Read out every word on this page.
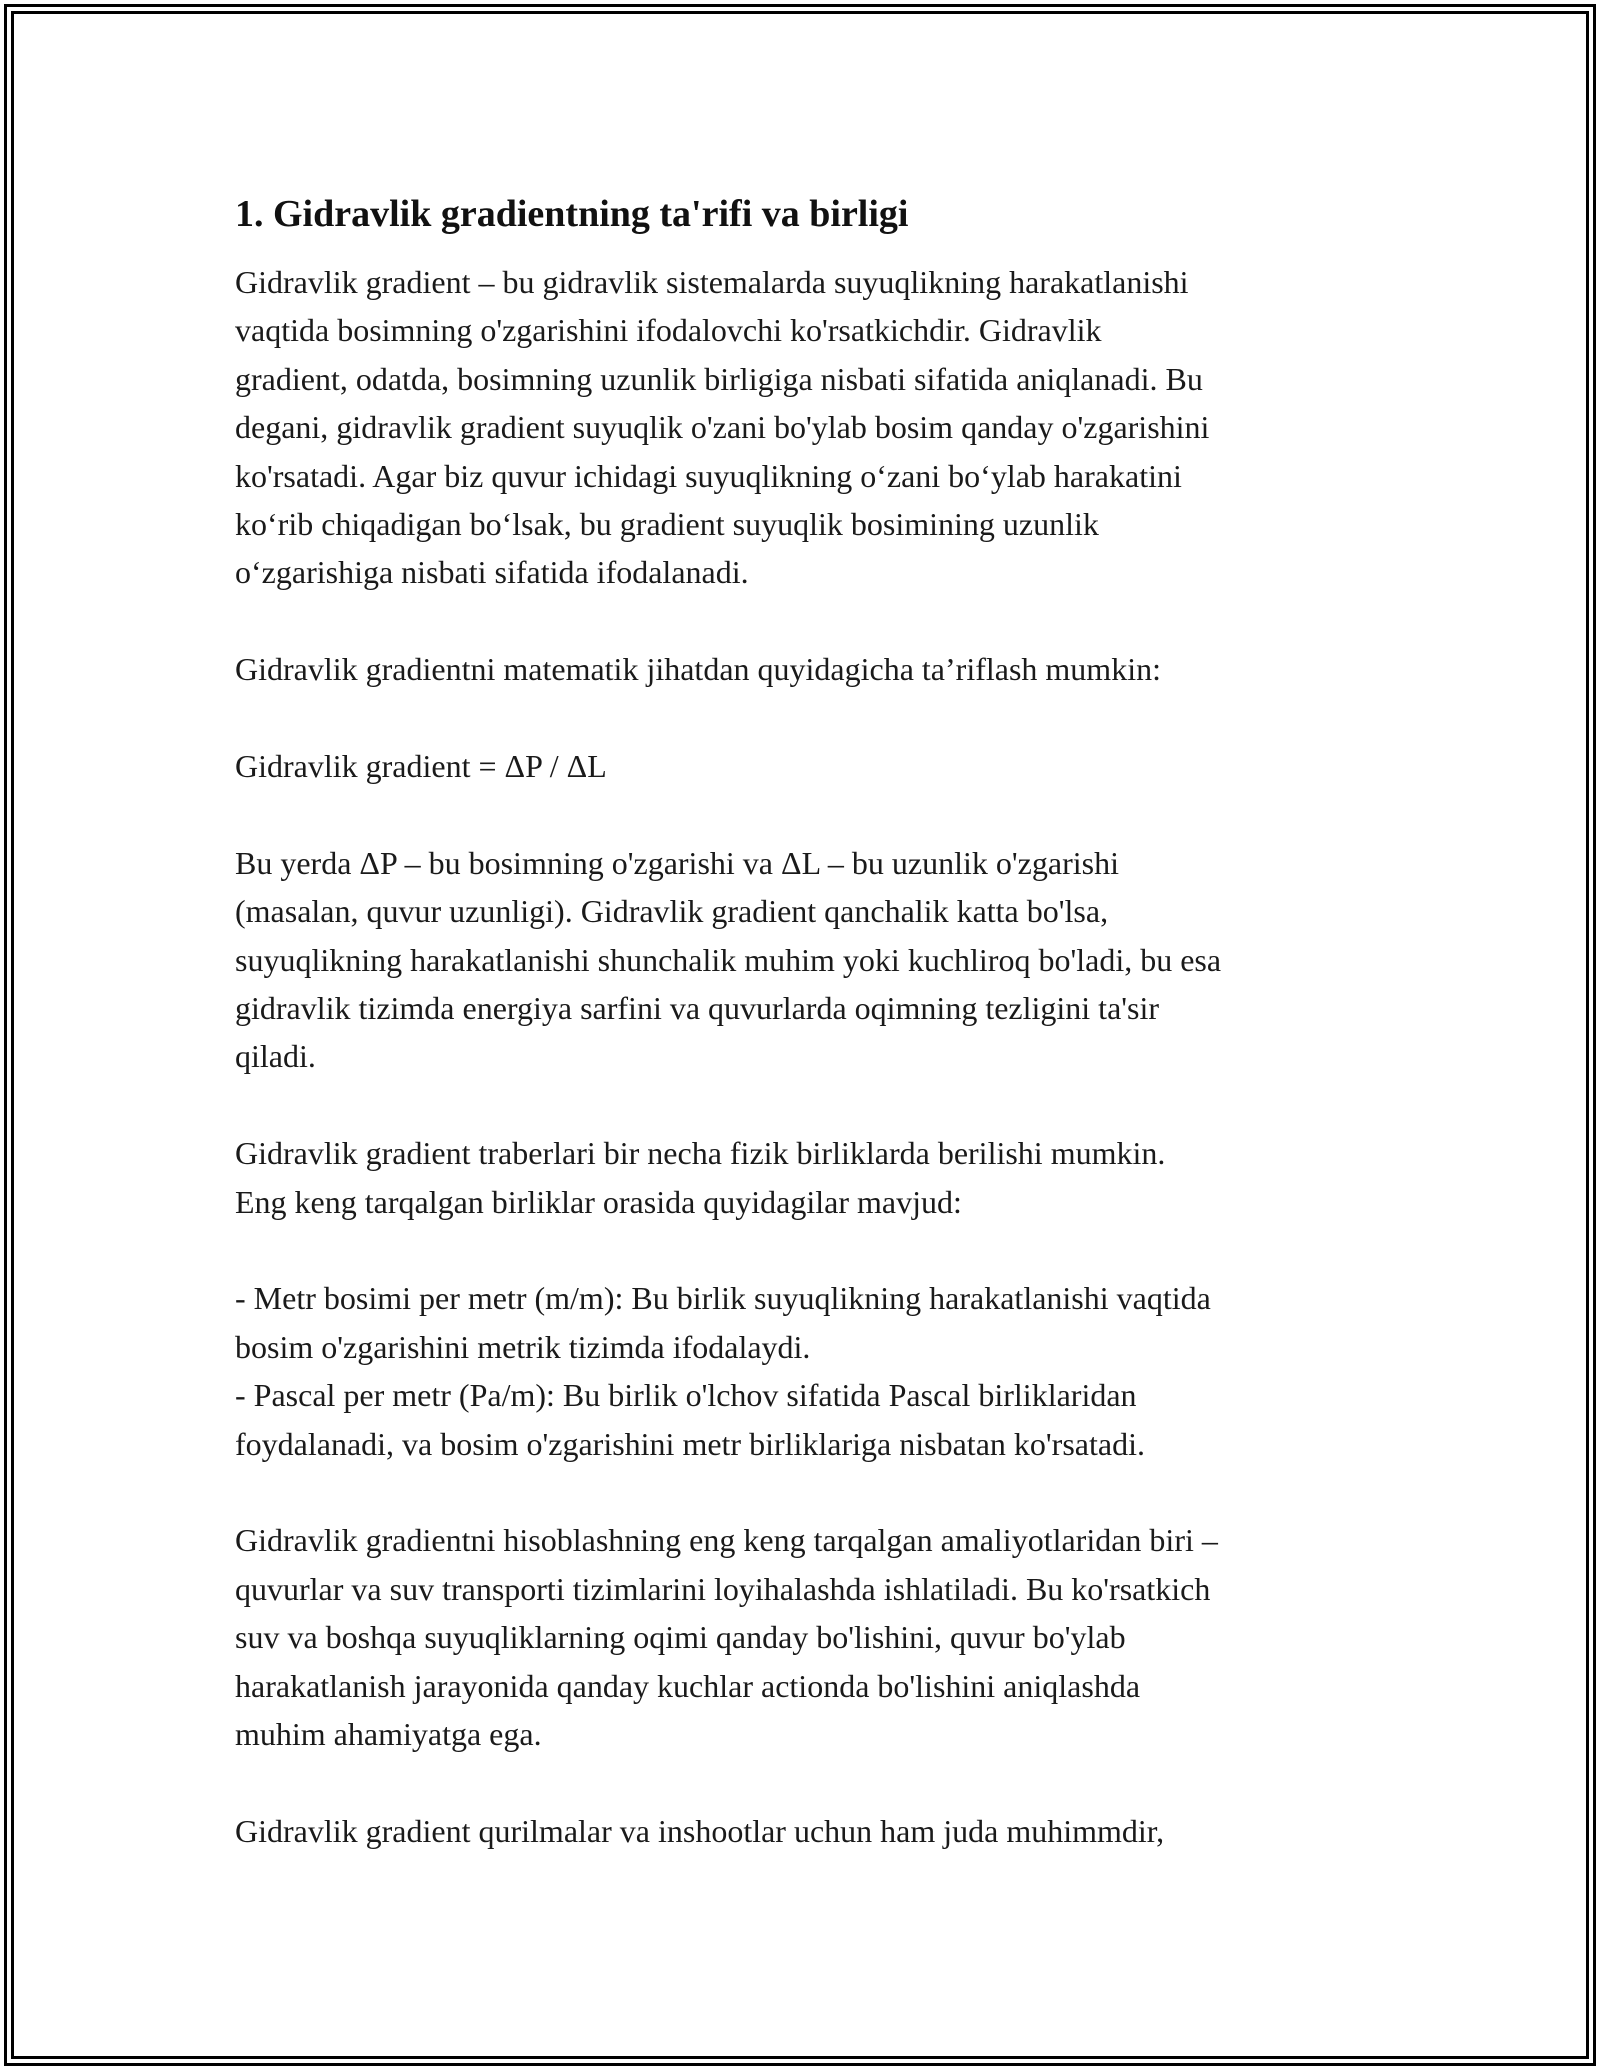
1. Gidravlik gradientning ta'rifi va birligi

Gidravlik gradient – bu gidravlik sistemalarda suyuqlikning harakatlanishi
vaqtida bosimning o'zgarishini ifodalovchi ko'rsatkichdir. Gidravlik
gradient, odatda, bosimning uzunlik birligiga nisbati sifatida aniqlanadi. Bu
degani, gidravlik gradient suyuqlik o'zani bo'ylab bosim qanday o'zgarishini
ko'rsatadi. Agar biz quvur ichidagi suyuqlikning o‘zani bo‘ylab harakatini
ko‘rib chiqadigan bo‘lsak, bu gradient suyuqlik bosimining uzunlik
o‘zgarishiga nisbati sifatida ifodalanadi.

Gidravlik gradientni matematik jihatdan quyidagicha ta’riflash mumkin:

Gidravlik gradient = ΔP / ΔL

Bu yerda ΔP – bu bosimning o'zgarishi va ΔL – bu uzunlik o'zgarishi
(masalan, quvur uzunligi). Gidravlik gradient qanchalik katta bo'lsa,
suyuqlikning harakatlanishi shunchalik muhim yoki kuchliroq bo'ladi, bu esa
gidravlik tizimda energiya sarfini va quvurlarda oqimning tezligini ta'sir
qiladi.

Gidravlik gradient traberlari bir necha fizik birliklarda berilishi mumkin.
Eng keng tarqalgan birliklar orasida quyidagilar mavjud:

- Metr bosimi per metr (m/m): Bu birlik suyuqlikning harakatlanishi vaqtida
bosim o'zgarishini metrik tizimda ifodalaydi.
- Pascal per metr (Pa/m): Bu birlik o'lchov sifatida Pascal birliklaridan
foydalanadi, va bosim o'zgarishini metr birliklariga nisbatan ko'rsatadi.

Gidravlik gradientni hisoblashning eng keng tarqalgan amaliyotlaridan biri –
quvurlar va suv transporti tizimlarini loyihalashda ishlatiladi. Bu ko'rsatkich
suv va boshqa suyuqliklarning oqimi qanday bo'lishini, quvur bo'ylab
harakatlanish jarayonida qanday kuchlar actionda bo'lishini aniqlashda
muhim ahamiyatga ega.

Gidravlik gradient qurilmalar va inshootlar uchun ham juda muhimmdir,
